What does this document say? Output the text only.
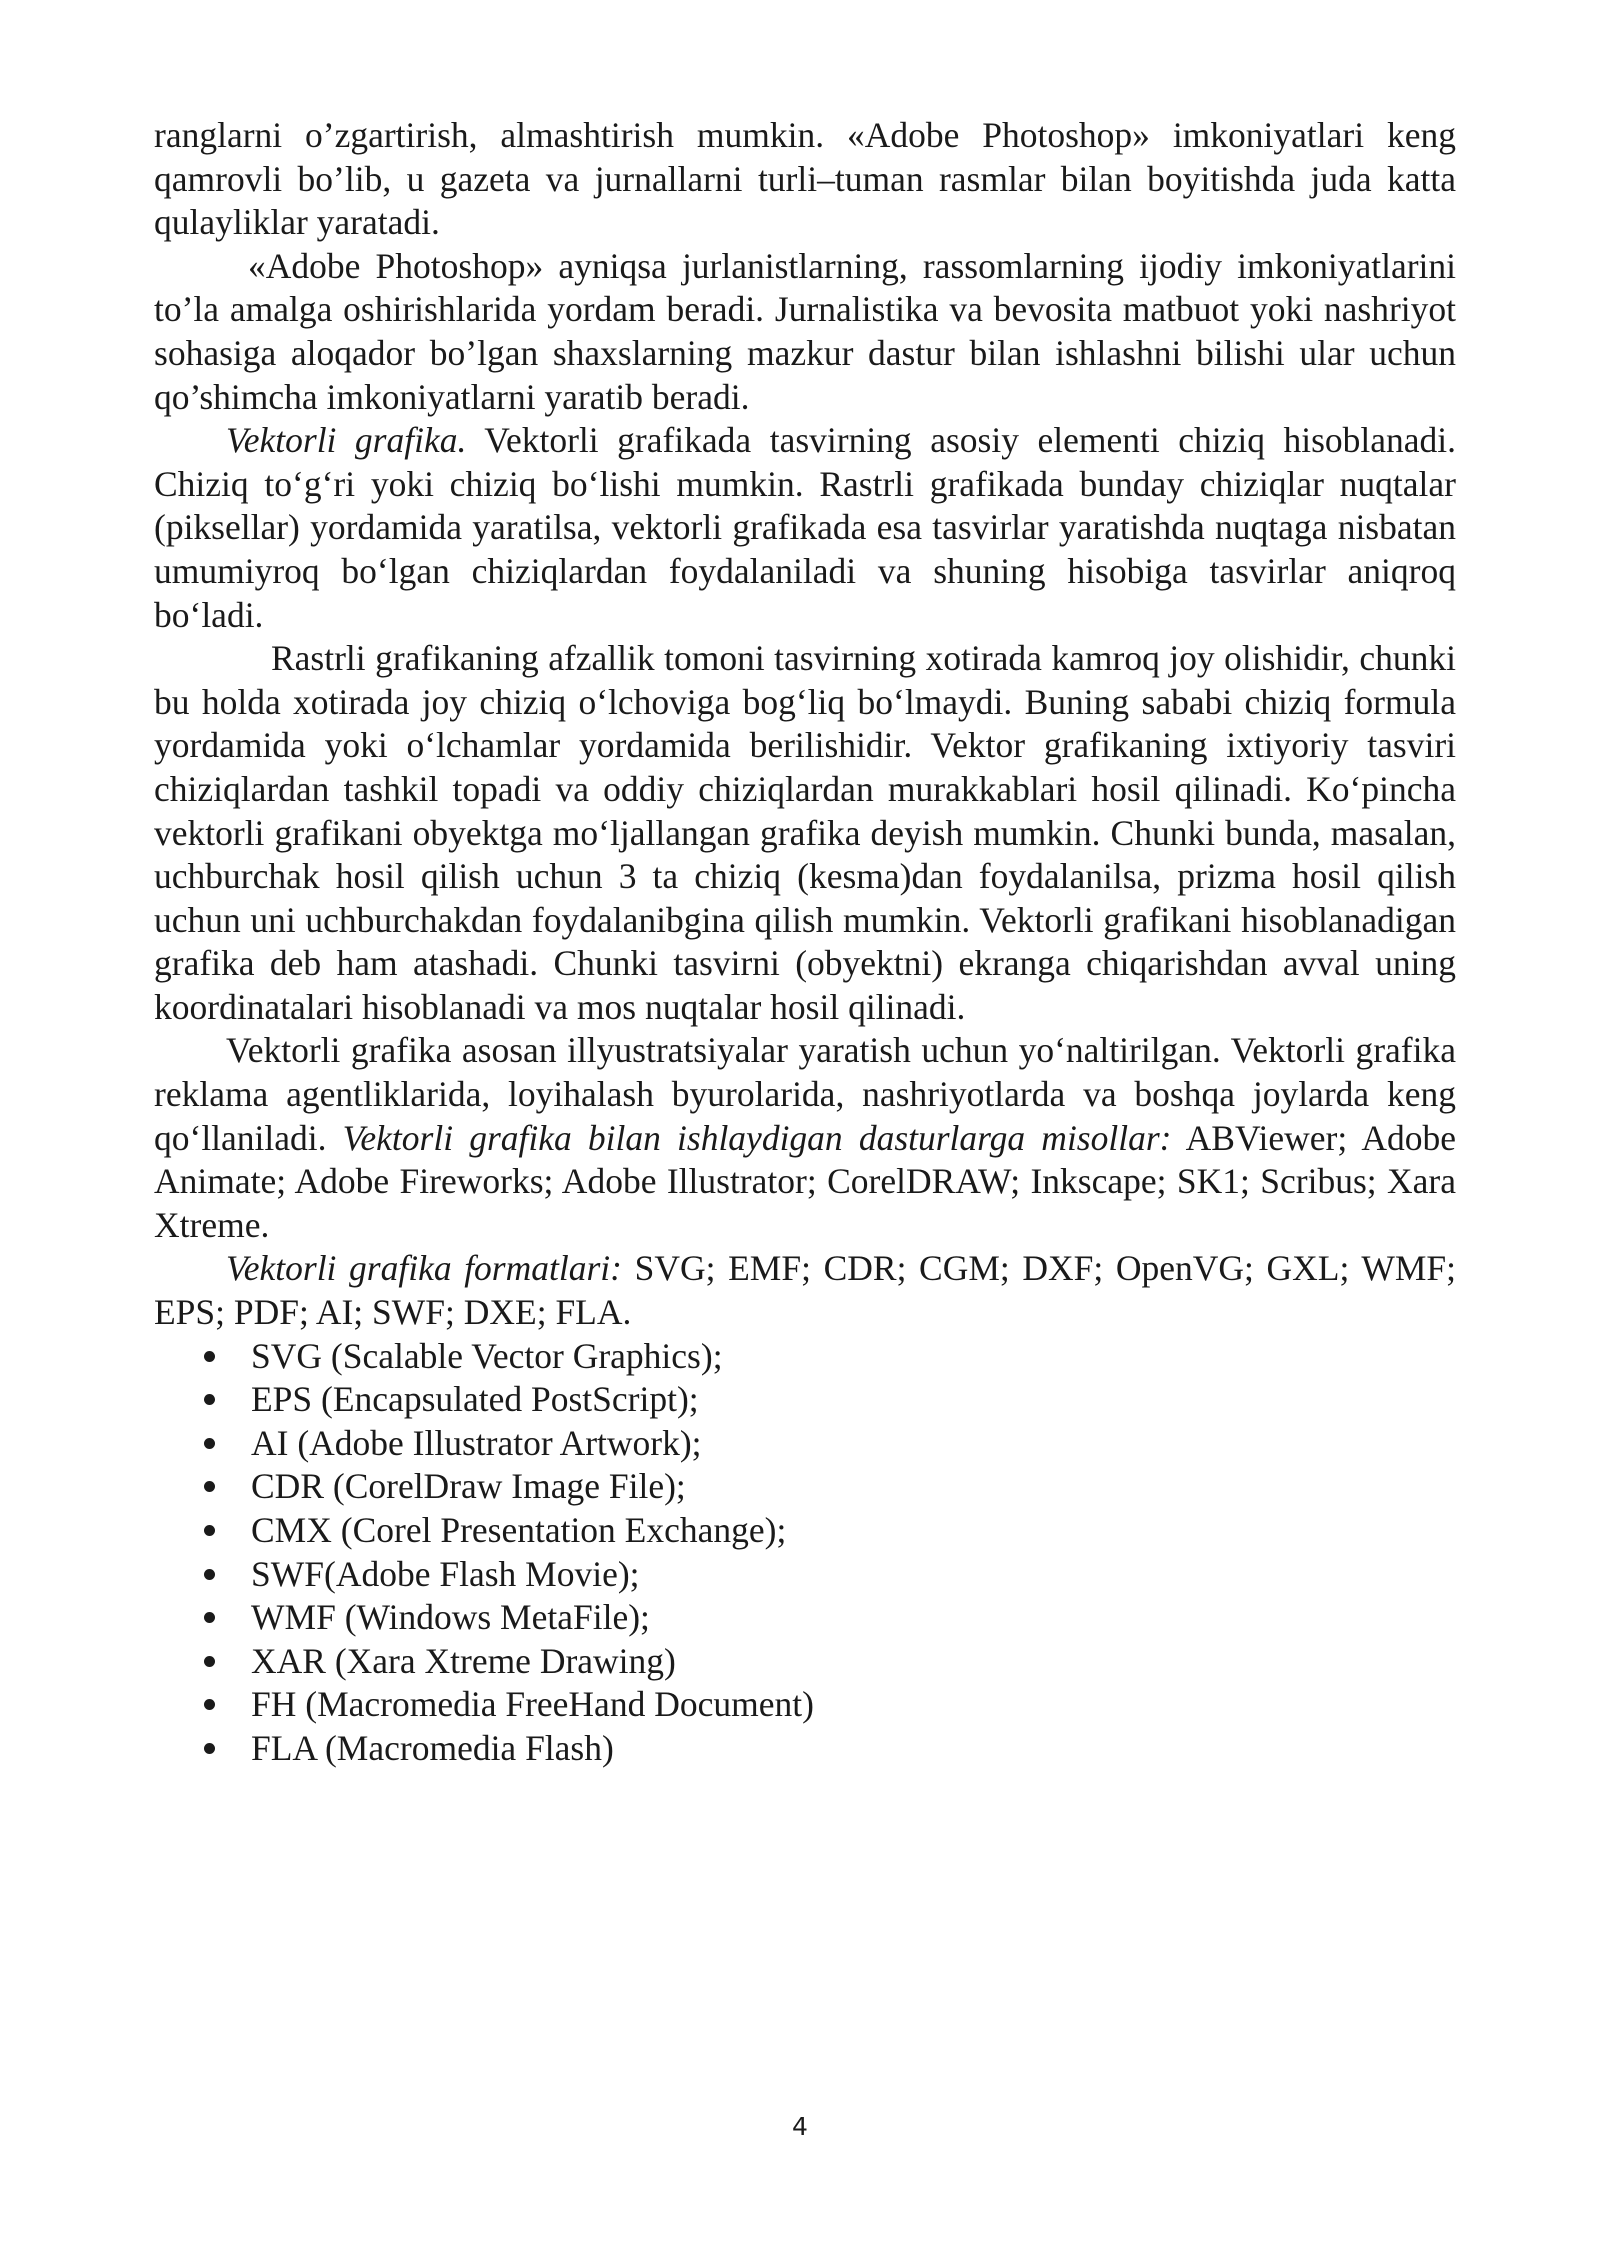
ranglarni o’zgartirish, almashtirish mumkin. «Adobe Photoshop» imkoniyatlari keng qamrovli bo’lib, u gazeta va jurnallarni turli–tuman rasmlar bilan boyitishda juda katta qulayliklar yaratadi.

«Adobe Photoshop» ayniqsa jurlanistlarning, rassomlarning ijodiy imkoniyatlarini to’la amalga oshirishlarida yordam beradi. Jurnalistika va bevosita matbuot yoki nashriyot sohasiga aloqador bo’lgan shaxslarning mazkur dastur bilan ishlashni bilishi ular uchun qo’shimcha imkoniyatlarni yaratib beradi.

Vektorli grafika. Vektorli grafikada tasvirning asosiy elementi chiziq hisoblanadi. Chiziq to‘g‘ri yoki chiziq bo‘lishi mumkin. Rastrli grafikada bunday chiziqlar nuqtalar (piksellar) yordamida yaratilsa, vektorli grafikada esa tasvirlar yaratishda nuqtaga nisbatan umumiyroq bo‘lgan chiziqlardan foydalaniladi va shuning hisobiga tasvirlar aniqroq bo‘ladi.

Rastrli grafikaning afzallik tomoni tasvirning xotirada kamroq joy olishidir, chunki bu holda xotirada joy chiziq o‘lchoviga bog‘liq bo‘lmaydi. Buning sababi chiziq formula yordamida yoki o‘lchamlar yordamida berilishidir. Vektor grafikaning ixtiyoriy tasviri chiziqlardan tashkil topadi va oddiy chiziqlardan murakkablari hosil qilinadi. Ko‘pincha vektorli grafikani obyektga mo‘ljallangan grafika deyish mumkin. Chunki bunda, masalan, uchburchak hosil qilish uchun 3 ta chiziq (kesma)dan foydalanilsa, prizma hosil qilish uchun uni uchburchakdan foydalanibgina qilish mumkin. Vektorli grafikani hisoblanadigan grafika deb ham atashadi. Chunki tasvirni (obyektni) ekranga chiqarishdan avval uning koordinatalari hisoblanadi va mos nuqtalar hosil qilinadi.

Vektorli grafika asosan illyustratsiyalar yaratish uchun yo‘naltirilgan. Vektorli grafika reklama agentliklarida, loyihalash byurolarida, nashriyotlarda va boshqa joylarda keng qo‘llaniladi. Vektorli grafika bilan ishlaydigan dasturlarga misollar: ABViewer; Adobe Animate; Adobe Fireworks; Adobe Illustrator; CorelDRAW; Inkscape; SK1; Scribus; Xara Xtreme.

Vektorli grafika formatlari: SVG; EMF; CDR; CGM; DXF; OpenVG; GXL; WMF; EPS; PDF; AI; SWF; DXE; FLA.

SVG (Scalable Vector Graphics);
EPS (Encapsulated PostScript);
AI (Adobe Illustrator Artwork);
CDR (CorelDraw Image File);
CMX (Corel Presentation Exchange);
SWF(Adobe Flash Movie);
WMF (Windows MetaFile);
XAR (Xara Xtreme Drawing)
FH (Macromedia FreeHand Document)
FLA (Macromedia Flash)
4
